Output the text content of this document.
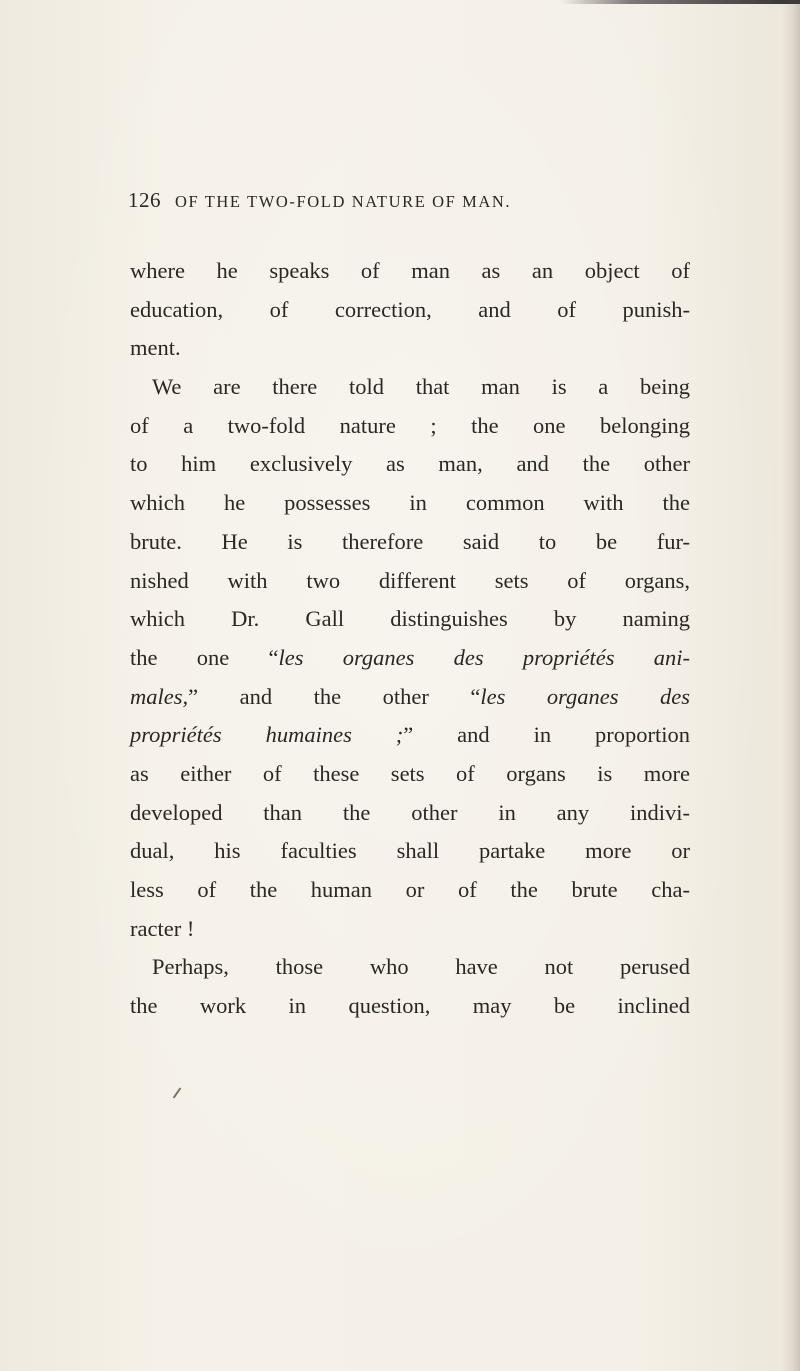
126 OF THE TWO-FOLD NATURE OF MAN.
where he speaks of man as an object of
education, of correction, and of punish-
ment.
We are there told that man is a being
of a two-fold nature ; the one belonging
to him exclusively as man, and the other
which he possesses in common with the
brute. He is therefore said to be fur-
nished with two different sets of organs,
which Dr. Gall distinguishes by naming
the one “les organes des propriétés ani-
males,” and the other “les organes des
propriétés humaines ;” and in proportion
as either of these sets of organs is more
developed than the other in any indivi-
dual, his faculties shall partake more or
less of the human or of the brute cha-
racter !
Perhaps, those who have not perused
the work in question, may be inclined
